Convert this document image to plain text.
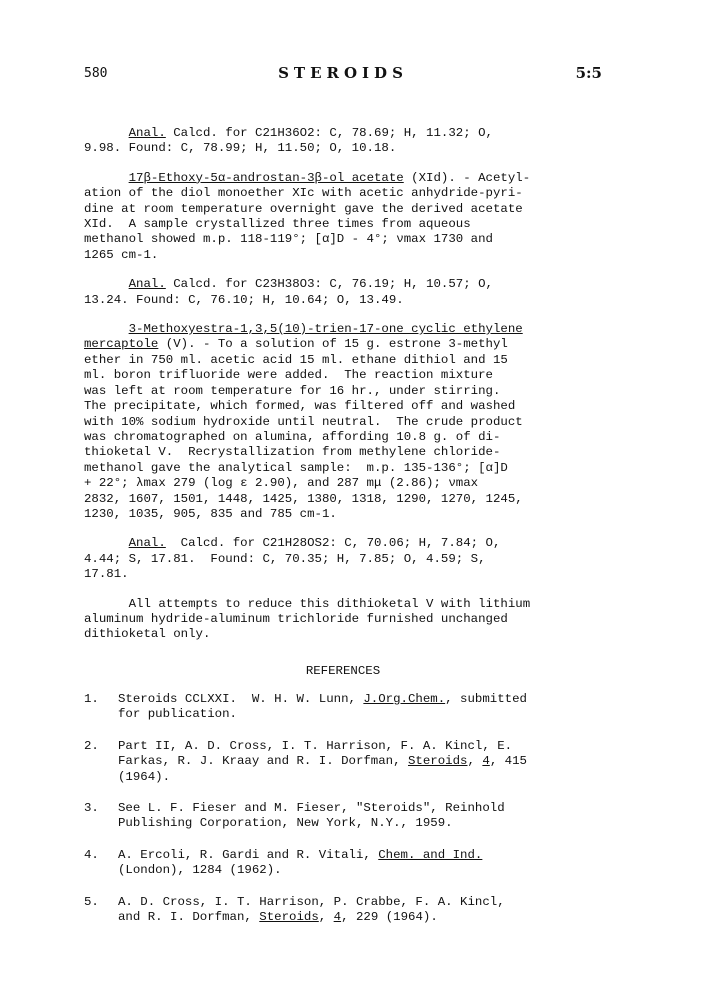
580	STEROIDS	5:5
Anal. Calcd. for C21H36O2: C, 78.69; H, 11.32; O,
9.98. Found: C, 78.99; H, 11.50; O, 10.18.
17β-Ethoxy-5α-androstan-3β-ol acetate (XId). - Acetyl-
ation of the diol monoether XIc with acetic anhydride-pyri-
dine at room temperature overnight gave the derived acetate
XId.  A sample crystallized three times from aqueous
methanol showed m.p. 118-119°; [α]D - 4°; νmax 1730 and
1265 cm-1.
Anal. Calcd. for C23H38O3: C, 76.19; H, 10.57; O,
13.24. Found: C, 76.10; H, 10.64; O, 13.49.
3-Methoxyestra-1,3,5(10)-trien-17-one cyclic ethylene
mercaptole (V). - To a solution of 15 g. estrone 3-methyl
ether in 750 ml. acetic acid 15 ml. ethane dithiol and 15
ml. boron trifluoride were added.  The reaction mixture
was left at room temperature for 16 hr., under stirring.
The precipitate, which formed, was filtered off and washed
with 10% sodium hydroxide until neutral.  The crude product
was chromatographed on alumina, affording 10.8 g. of di-
thioketal V.  Recrystallization from methylene chloride-
methanol gave the analytical sample:  m.p. 135-136°; [α]D
+ 22°; λmax 279 (log ε 2.90), and 287 mμ (2.86); νmax
2832, 1607, 1501, 1448, 1425, 1380, 1318, 1290, 1270, 1245,
1230, 1035, 905, 835 and 785 cm-1.
Anal.  Calcd. for C21H28OS2: C, 70.06; H, 7.84; O,
4.44; S, 17.81.  Found: C, 70.35; H, 7.85; O, 4.59; S,
17.81.
All attempts to reduce this dithioketal V with lithium
aluminum hydride-aluminum trichloride furnished unchanged
dithioketal only.
REFERENCES
1. Steroids CCLXXI.  W. H. W. Lunn, J.Org.Chem., submitted
for publication.
2. Part II, A. D. Cross, I. T. Harrison, F. A. Kincl, E.
Farkas, R. J. Kraay and R. I. Dorfman, Steroids, 4, 415
(1964).
3. See L. F. Fieser and M. Fieser, "Steroids", Reinhold
Publishing Corporation, New York, N.Y., 1959.
4. A. Ercoli, R. Gardi and R. Vitali, Chem. and Ind.
(London), 1284 (1962).
5. A. D. Cross, I. T. Harrison, P. Crabbe, F. A. Kincl,
and R. I. Dorfman, Steroids, 4, 229 (1964).
